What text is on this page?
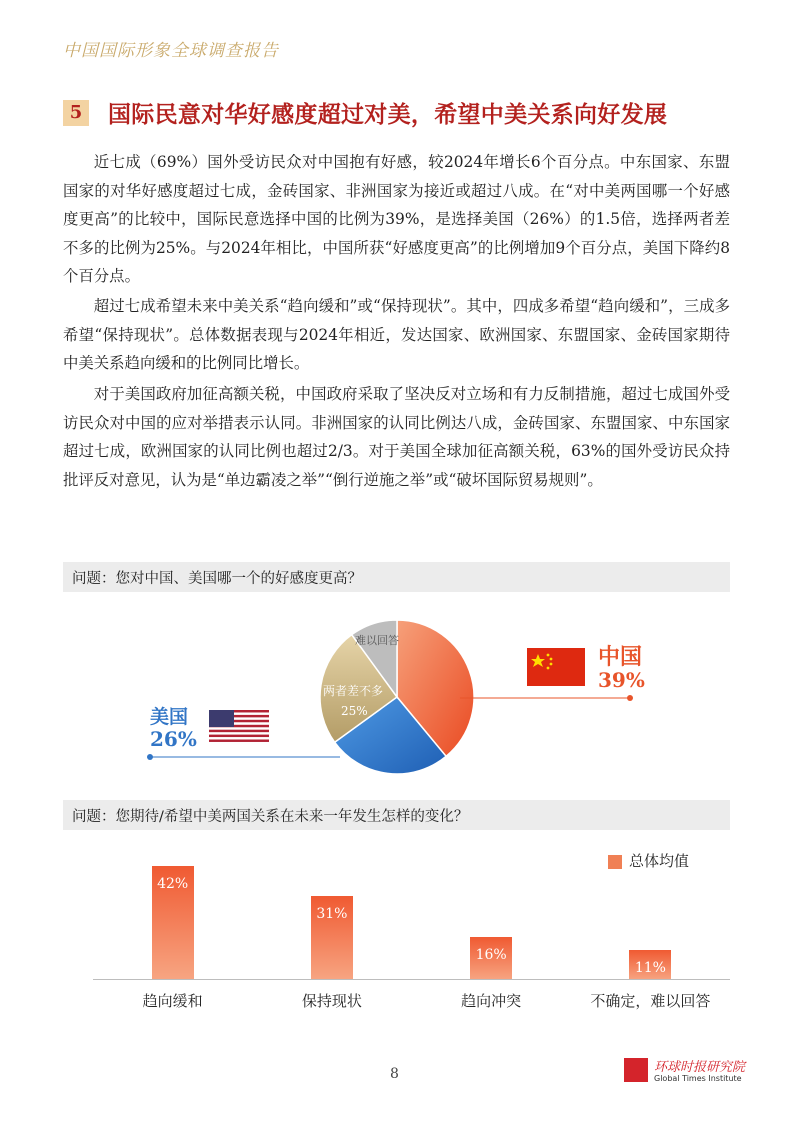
中国国际形象全球调查报告
5 国际民意对华好感度超过对美，希望中美关系向好发展

近七成（69%）国外受访民众对中国抱有好感，较2024年增长6个百分点。中东国家、东盟国家的对华好感度超过七成，金砖国家、非洲国家为接近或超过八成。在“对中美两国哪一个好感度更高”的比较中，国际民意选择中国的比例为39%，是选择美国（26%）的1.5倍，选择两者差不多的比例为25%。与2024年相比，中国所获“好感度更高”的比例增加9个百分点，美国下降约8个百分点。

超过七成希望未来中美关系“趋向缓和”或“保持现状”。其中，四成多希望“趋向缓和”，三成多希望“保持现状”。总体数据表现与2024年相近，发达国家、欧洲国家、东盟国家、金砖国家期待中美关系趋向缓和的比例同比增长。

对于美国政府加征高额关税，中国政府采取了坚决反对立场和有力反制措施，超过七成国外受访民众对中国的应对举措表示认同。非洲国家的认同比例达八成，金砖国家、东盟国家、中东国家超过七成，欧洲国家的认同比例也超过2/3。对于美国全球加征高额关税，63%的国外受访民众持批评反对意见，认为是“单边霸凌之举”“倒行逆施之举”或“破坏国际贸易规则”。

问题：您对中国、美国哪一个的好感度更高？
难以回答
两者差不多
25%
中国
39%
美国
26%
问题：您期待/希望中美两国关系在未来一年发生怎样的变化？
总体均值
42%
31%
16%
11%
趋向缓和	保持现状	趋向冲突	不确定，难以回答
8	环球时报研究院
Global Times Institute
